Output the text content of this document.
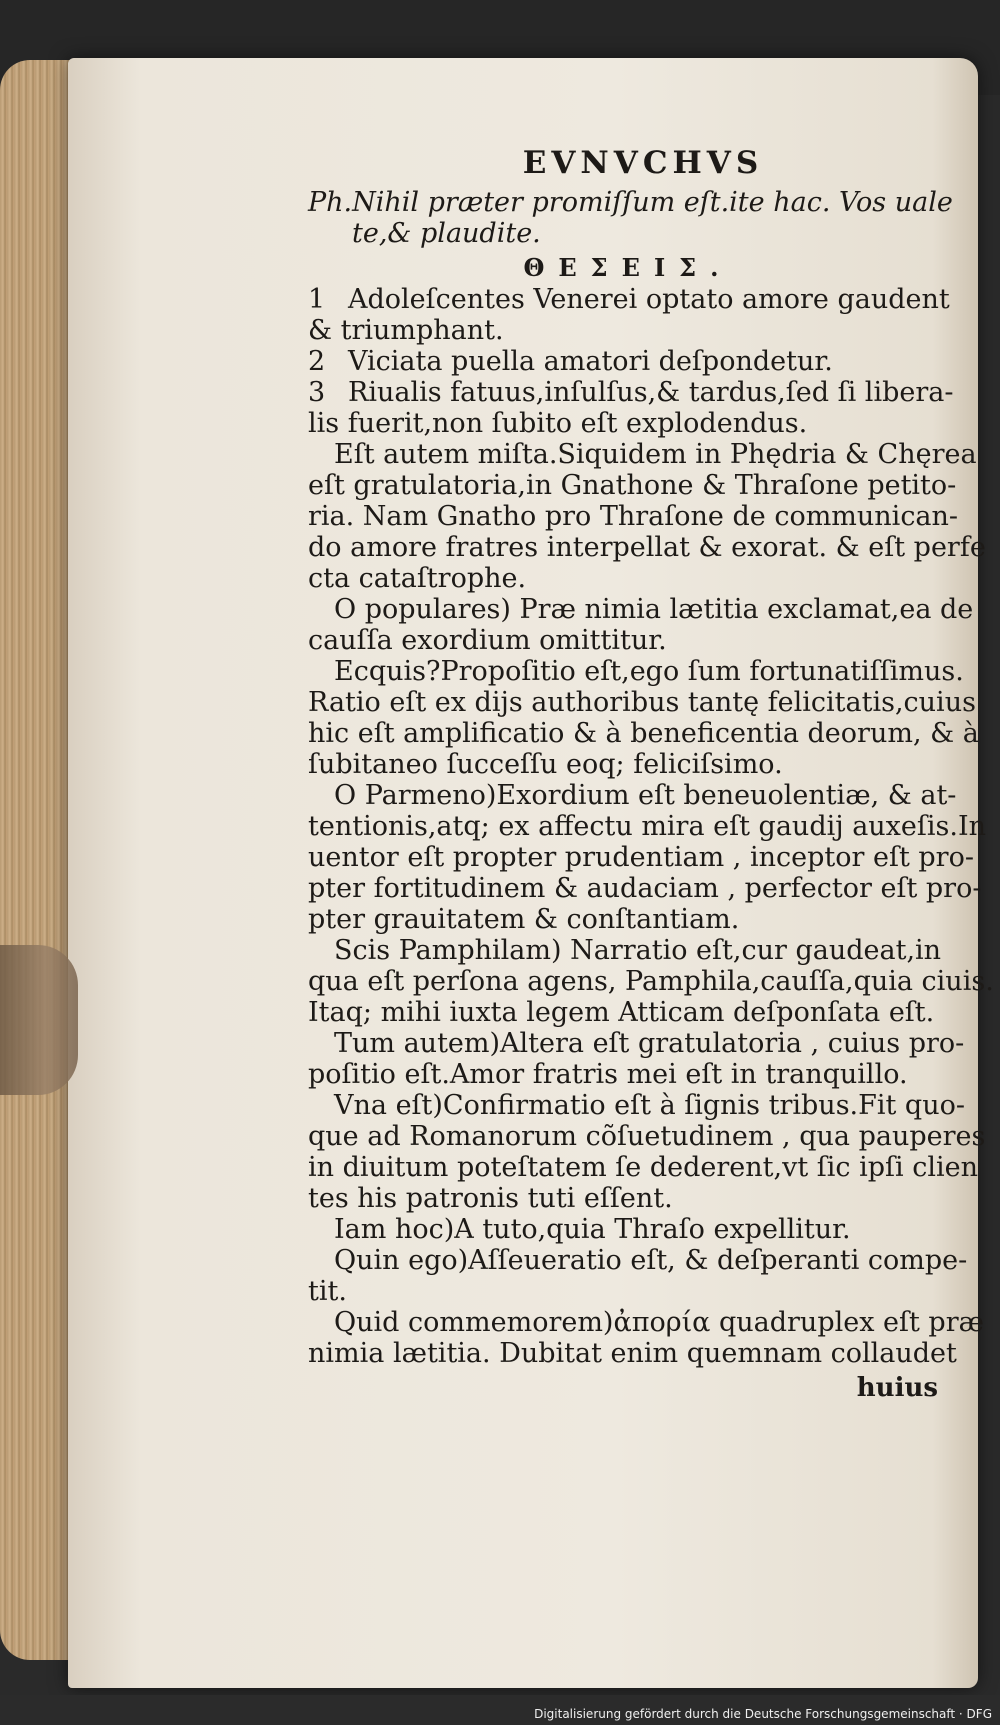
EVNVCHVS

Ph.Nihil præter promiſſum eſt.ite hac. Vos uale

te,& plaudite.

ΘΕΣΕΙΣ.

1 Adoleſcentes Venerei optato amore gaudent

& triumphant.

2 Viciata puella amatori deſpondetur.

3 Riualis fatuus,inſulſus,& tardus,ſed ſi libera-

lis fuerit,non ſubito eſt explodendus.

Eſt autem miſta.Siquidem in Phędria & Chęrea

eſt gratulatoria,in Gnathone & Thraſone petito-

ria. Nam Gnatho pro Thraſone de communican-

do amore fratres interpellat & exorat. & eſt perfe

cta cataſtrophe.

O populares) Præ nimia lætitia exclamat,ea de

cauſſa exordium omittitur.

Ecquis?Propoſitio eſt,ego ſum fortunatiſſimus.

Ratio eſt ex dijs authoribus tantę felicitatis,cuius

hic eſt amplificatio & à beneficentia deorum, & à

ſubitaneo ſucceſſu eoq; feliciſsimo.

O Parmeno)Exordium eſt beneuolentiæ, & at-

tentionis,atq; ex affectu mira eſt gaudij auxeſis.In

uentor eſt propter prudentiam , inceptor eſt pro-

pter fortitudinem & audaciam , perfector eſt pro-

pter grauitatem & conſtantiam.

Scis Pamphilam) Narratio eſt,cur gaudeat,in

qua eſt perſona agens, Pamphila,cauſſa,quia ciuis.

Itaq; mihi iuxta legem Atticam deſponſata eſt.

Tum autem)Altera eſt gratulatoria , cuius pro-

poſitio eſt.Amor fratris mei eſt in tranquillo.

Vna eſt)Confirmatio eſt à ſignis tribus.Fit quo-

que ad Romanorum cõſuetudinem , qua pauperes

in diuitum poteſtatem ſe dederent,vt ſic ipſi clien

tes his patronis tuti eſſent.

Iam hoc)A tuto,quia Thraſo expellitur.

Quin ego)Aſſeueratio eſt, & deſperanti compe-

tit.

Quid commemorem)ἀπορία quadruplex eſt præ

nimia lætitia. Dubitat enim quemnam collaudet

huius
Digitalisierung gefördert durch die Deutsche Forschungsgemeinschaft · DFG
